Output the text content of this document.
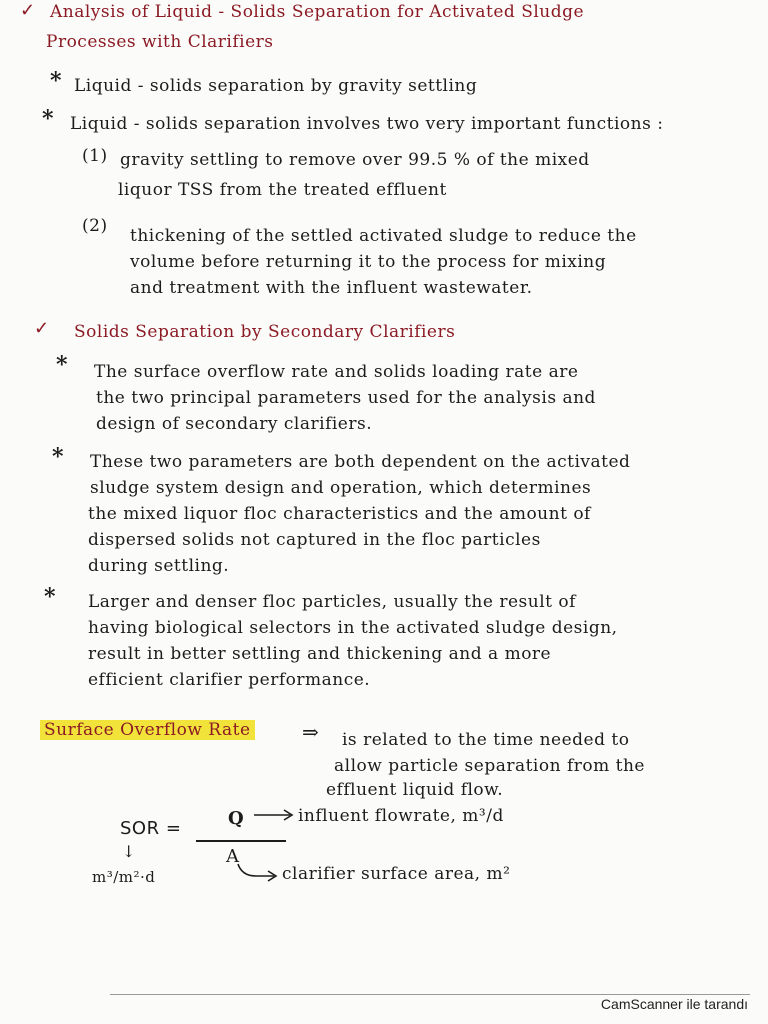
✓ Analysis of Liquid - Solids Separation for Activated Sludge
Processes with Clarifiers
* Liquid - solids separation by gravity settling
* Liquid - solids separation involves two very important functions :
(1) gravity settling to remove over 99.5 % of the mixed
liquor TSS from the treated effluent
(2) thickening of the settled activated sludge to reduce the
volume before returning it to the process for mixing
and treatment with the influent wastewater.
✓ Solids Separation by Secondary Clarifiers
* The surface overflow rate and solids loading rate are
the two principal parameters used for the analysis and
design of secondary clarifiers.
* These two parameters are both dependent on the activated
sludge system design and operation, which determines
the mixed liquor floc characteristics and the amount of
dispersed solids not captured in the floc particles
during settling.
* Larger and denser floc particles, usually the result of
having biological selectors in the activated sludge design,
result in better settling and thickening and a more
efficient clarifier performance.
Surface Overflow Rate	⇒ is related to the time needed to
allow particle separation from the
effluent liquid flow.
SOR =	Q
A
influent flowrate, m³/d
clarifier surface area, m²
↓
m³/m²·d
CamScanner ile tarandı
